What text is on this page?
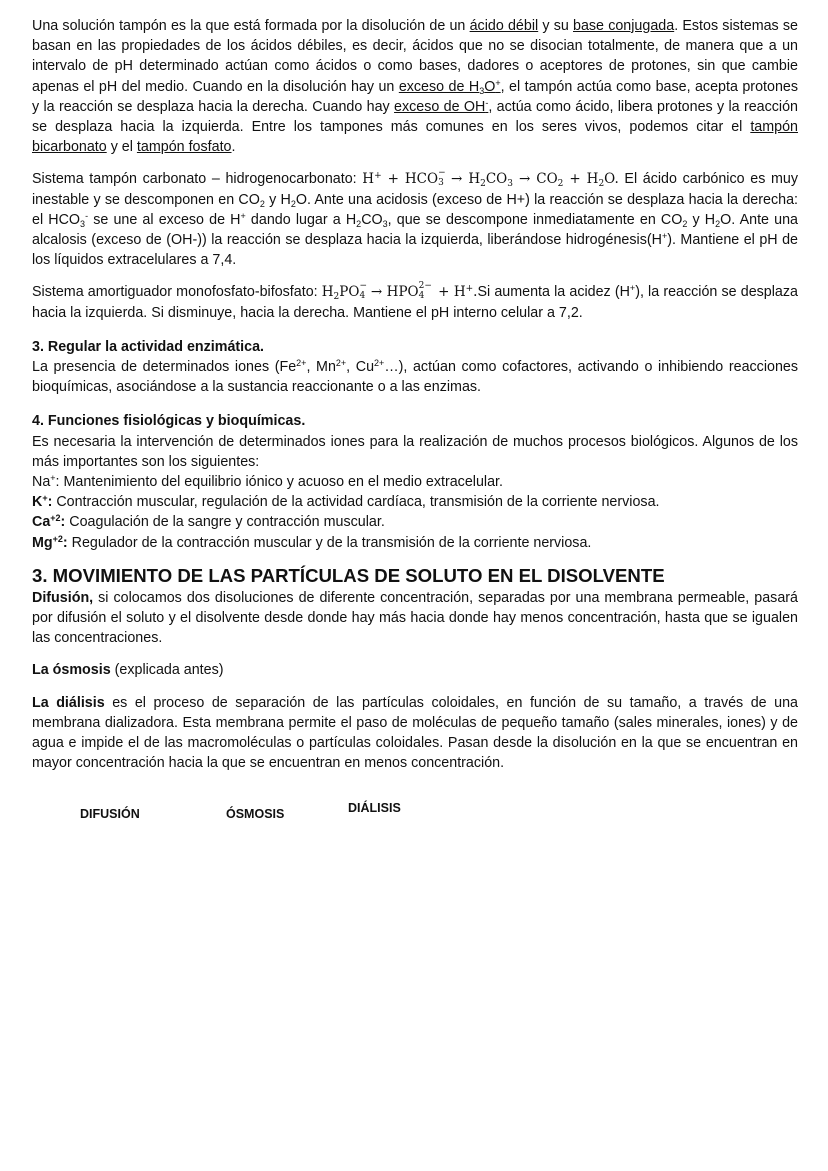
Una solución tampón es la que está formada por la disolución de un ácido débil y su base conjugada. Estos sistemas se basan en las propiedades de los ácidos débiles, es decir, ácidos que no se disocian totalmente, de manera que a un intervalo de pH determinado actúan como ácidos o como bases, dadores o aceptores de protones, sin que cambie apenas el pH del medio. Cuando en la disolución hay un exceso de $H_3O^+$, el tampón actúa como base, acepta protones y la reacción se desplaza hacia la derecha. Cuando hay exceso de OH-, actúa como ácido, libera protones y la reacción se desplaza hacia la izquierda. Entre los tampones más comunes en los seres vivos, podemos citar el tampón bicarbonato y el tampón fosfato.

Sistema tampón carbonato – hidrogenocarbonato: H+ + HCO −
$3 \to H_2CO_3 \to CO_2 + H_2O$. El ácido carbónico es muy inestable y se descomponen en $CO_2$ y $H_2O$. Ante una acidosis (exceso de H+) la reacción se desplaza hacia la derecha: el $HCO_3^-$ se une al exceso de H+ dando lugar a $H_2CO_3$, que se descompone inmediatamente en $CO_2$ y $H_2O$. Ante una alcalosis (exceso de (OH-)) la reacción se desplaza hacia la izquierda, liberándose hidrogénesis(H+). Mantiene el pH de los líquidos extracelulares a 7,4.

Sistema amortiguador monofosfato-bifosfato: $H_2PO$ −
4 → HPO 2−
4 + H+.Si aumenta la acidez (H+), la reacción se desplaza hacia la izquierda. Si disminuye, hacia la derecha. Mantiene el pH interno celular a 7,2.

3. Regular la actividad enzimática.

La presencia de determinados iones ($Fe^{2+}$, $Mn^{2+}$, $Cu^{2+}\dots$), actúan como cofactores, activando o inhibiendo reacciones bioquímicas, asociándose a la sustancia reaccionante o a las enzimas.

4. Funciones fisiológicas y bioquímicas.

Es necesaria la intervención de determinados iones para la realización de muchos procesos biológicos. Algunos de los más importantes son los siguientes:

Na+: Mantenimiento del equilibrio iónico y acuoso en el medio extracelular.

K+: Contracción muscular, regulación de la actividad cardíaca, transmisión de la corriente nerviosa.

$Ca^{+2}$: Coagulación de la sangre y contracción muscular.

$Mg^{+2}$: Regulador de la contracción muscular y de la transmisión de la corriente nerviosa.

3. MOVIMIENTO DE LAS PARTÍCULAS DE SOLUTO EN EL DISOLVENTE

Difusión, si colocamos dos disoluciones de diferente concentración, separadas por una membrana permeable, pasará por difusión el soluto y el disolvente desde donde hay más hacia donde hay menos concentración, hasta que se igualen las concentraciones.

La ósmosis (explicada antes)

La diálisis es el proceso de separación de las partículas coloidales, en función de su tamaño, a través de una membrana dializadora. Esta membrana permite el paso de moléculas de pequeño tamaño (sales minerales, iones) y de agua e impide el de las macromoléculas o partículas coloidales. Pasan desde la disolución en la que se encuentran en mayor concentración hacia la que se encuentran en menos concentración.

DIFUSIÓN	ÓSMOSIS	DIÁLISIS
